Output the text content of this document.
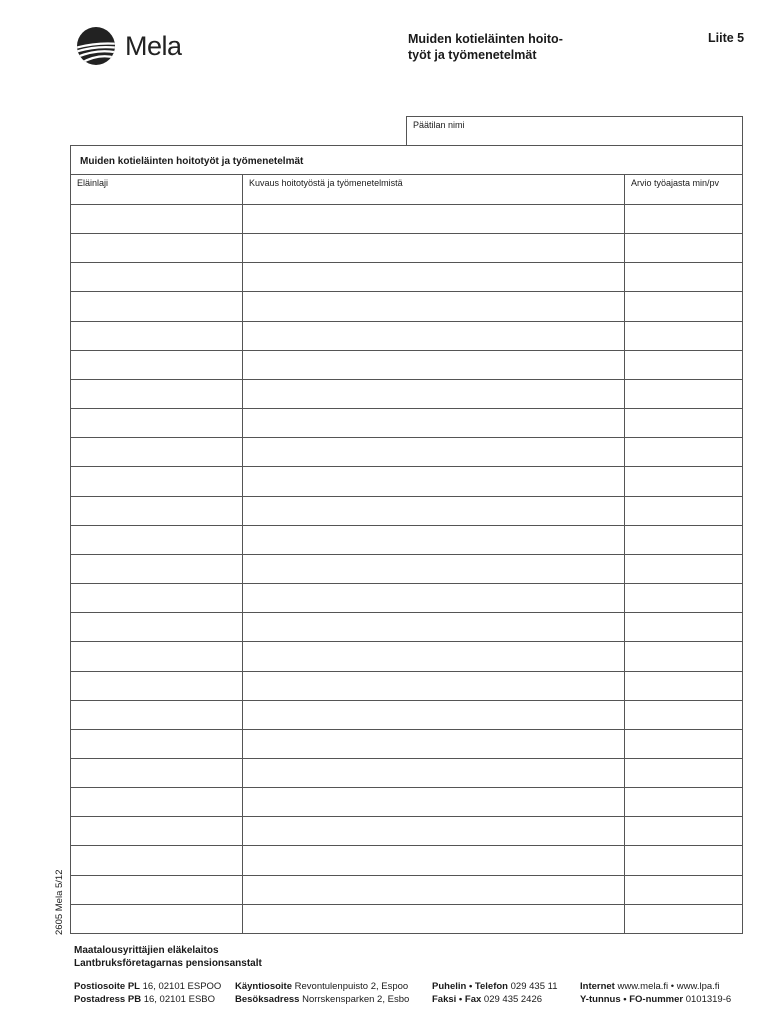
Mela	Muiden kotieläinten hoito-
työt ja työmenetelmät
Liite 5
Päätilan nimi
Muiden kotieläinten hoitotyöt ja työmenetelmät
Eläinlaji	Kuvaus hoitotyöstä ja työmenetelmistä	Arvio työajasta min/pv
2605 Mela 5/12
Maatalousyrittäjien eläkelaitos
Lantbruksföretagarnas pensionsanstalt
Postiosoite PL 16, 02101 ESPOO
Postadress PB 16, 02101 ESBO
Käyntiosoite Revontulenpuisto 2, Espoo
Besöksadress Norrskensparken 2, Esbo
Puhelin • Telefon 029 435 11
Faksi • Fax 029 435 2426
Internet www.mela.fi • www.lpa.fi
Y-tunnus • FO-nummer 0101319-6
